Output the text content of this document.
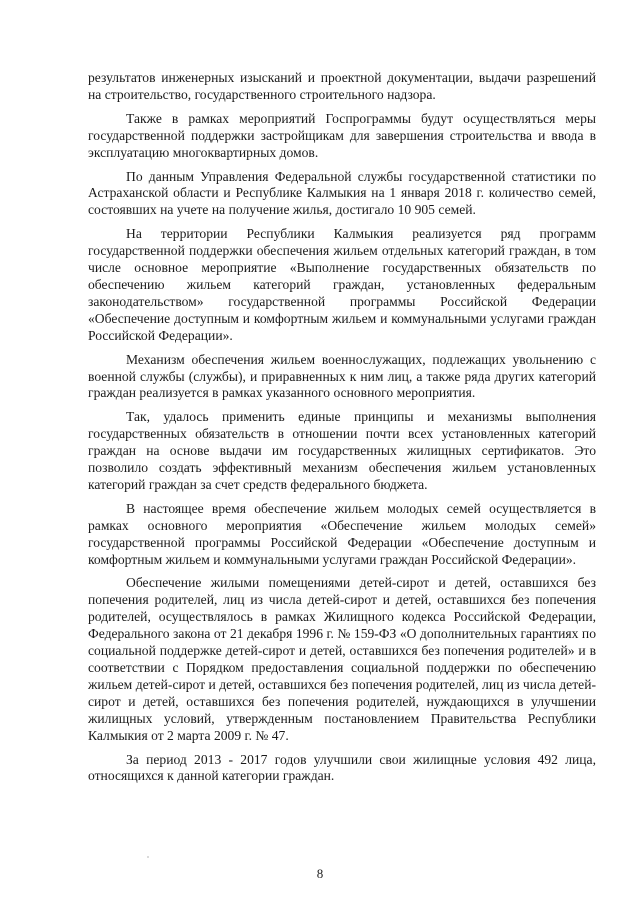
результатов инженерных изысканий и проектной документации, выдачи разрешений на строительство, государственного строительного надзора.

Также в рамках мероприятий Госпрограммы будут осуществляться меры государственной поддержки застройщикам для завершения строительства и ввода в эксплуатацию многоквартирных домов.

По данным Управления Федеральной службы государственной статистики по Астраханской области и Республике Калмыкия на 1 января 2018 г. количество семей, состоявших на учете на получение жилья, достигало 10 905 семей.

На территории Республики Калмыкия реализуется ряд программ государственной поддержки обеспечения жильем отдельных категорий граждан, в том числе основное мероприятие «Выполнение государственных обязательств по обеспечению жильем категорий граждан, установленных федеральным законодательством» государственной программы Российской Федерации «Обеспечение доступным и комфортным жильем и коммунальными услугами граждан Российской Федерации».

Механизм обеспечения жильем военнослужащих, подлежащих увольнению с военной службы (службы), и приравненных к ним лиц, а также ряда других категорий граждан реализуется в рамках указанного основного мероприятия.

Так, удалось применить единые принципы и механизмы выполнения государственных обязательств в отношении почти всех установленных категорий граждан на основе выдачи им государственных жилищных сертификатов. Это позволило создать эффективный механизм обеспечения жильем установленных категорий граждан за счет средств федерального бюджета.

В настоящее время обеспечение жильем молодых семей осуществляется в рамках основного мероприятия «Обеспечение жильем молодых семей» государственной программы Российской Федерации «Обеспечение доступным и комфортным жильем и коммунальными услугами граждан Российской Федерации».

Обеспечение жилыми помещениями детей-сирот и детей, оставшихся без попечения родителей, лиц из числа детей-сирот и детей, оставшихся без попечения родителей, осуществлялось в рамках Жилищного кодекса Российской Федерации, Федерального закона от 21 декабря 1996 г. № 159-ФЗ «О дополнительных гарантиях по социальной поддержке детей-сирот и детей, оставшихся без попечения родителей» и в соответствии с Порядком предоставления социальной поддержки по обеспечению жильем детей-сирот и детей, оставшихся без попечения родителей, лиц из числа детей-сирот и детей, оставшихся без попечения родителей, нуждающихся в улучшении жилищных условий, утвержденным постановлением Правительства Республики Калмыкия от 2 марта 2009 г. № 47.

За период 2013 - 2017 годов улучшили свои жилищные условия 492 лица, относящихся к данной категории граждан.

8
